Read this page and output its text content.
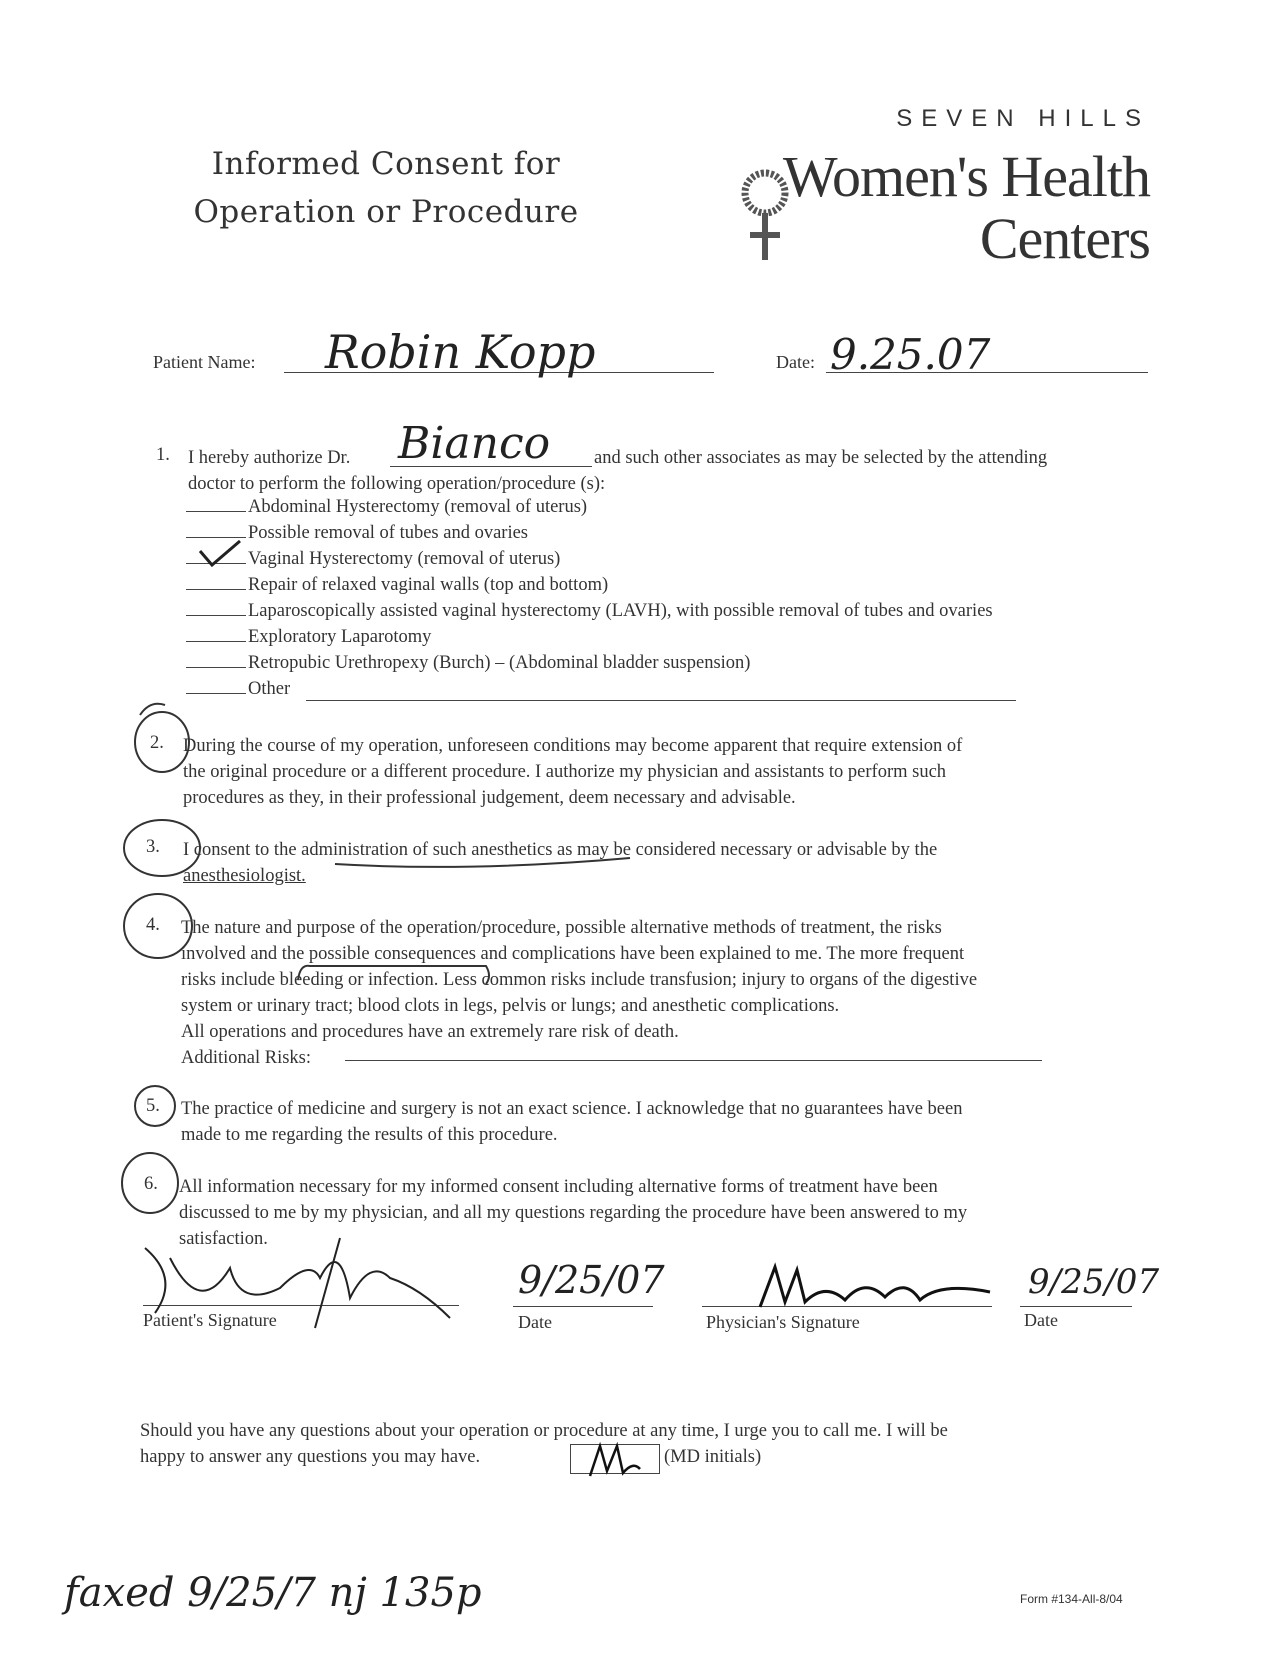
Informed Consent for
Operation or Procedure
SEVEN HILLS
Women's Health
Centers
Patient Name: Robin Kopp	Date: 9.25.07
1. I hereby authorize Dr. Bianco and such other associates as may be selected by the attending
doctor to perform the following operation/procedure (s):
Abdominal Hysterectomy (removal of uterus)
Possible removal of tubes and ovaries
Vaginal Hysterectomy (removal of uterus)
Repair of relaxed vaginal walls (top and bottom)
Laparoscopically assisted vaginal hysterectomy (LAVH), with possible removal of tubes and ovaries
Exploratory Laparotomy
Retropubic Urethropexy (Burch) – (Abdominal bladder suspension)
Other
2. During the course of my operation, unforeseen conditions may become apparent that require extension of
the original procedure or a different procedure. I authorize my physician and assistants to perform such
procedures as they, in their professional judgement, deem necessary and advisable.
3. I consent to the administration of such anesthetics as may be considered necessary or advisable by the
anesthesiologist.
4. The nature and purpose of the operation/procedure, possible alternative methods of treatment, the risks
involved and the possible consequences and complications have been explained to me. The more frequent
risks include bleeding or infection. Less common risks include transfusion; injury to organs of the digestive
system or urinary tract; blood clots in legs, pelvis or lungs; and anesthetic complications.
All operations and procedures have an extremely rare risk of death.
Additional Risks:
5. The practice of medicine and surgery is not an exact science. I acknowledge that no guarantees have been
made to me regarding the results of this procedure.
6. All information necessary for my informed consent including alternative forms of treatment have been
discussed to me by my physician, and all my questions regarding the procedure have been answered to my
satisfaction.
Patient's Signature
9/25/07
Date	Physician's Signature
9/25/07
Date
Should you have any questions about your operation or procedure at any time, I urge you to call me. I will be
happy to answer any questions you may have.	(MD initials)
faxed 9/25/7 nj 135p	Form #134-All-8/04
